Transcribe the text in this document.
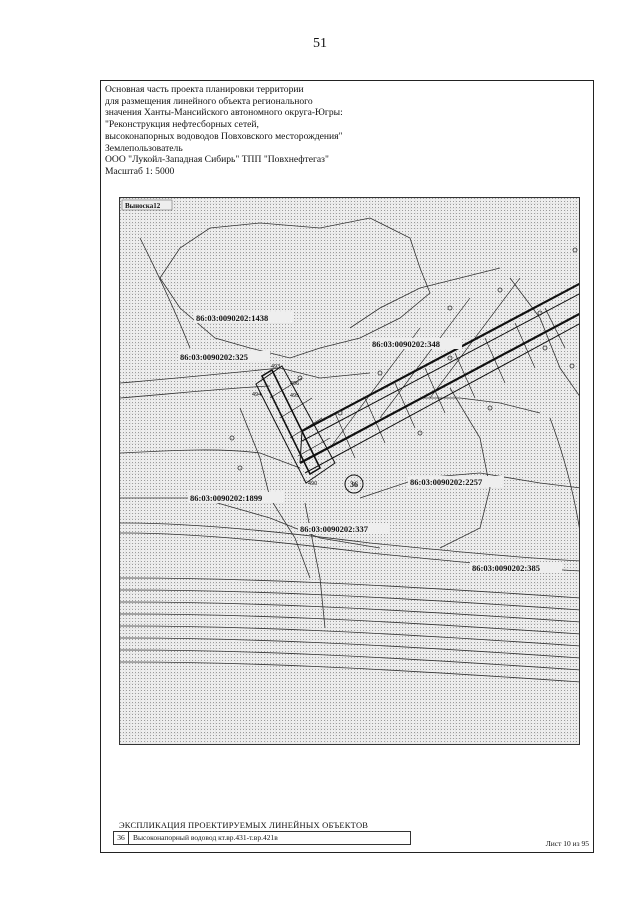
51
Основная часть проекта планировки территории
для размещения линейного объекта регионального
значения Ханты-Мансийского автономного округа-Югры:
"Реконструкция нефтесборных сетей,
высоконапорных водоводов Повховского месторождения"
Землепользователь
ООО "Лукойл-Западная Сибирь" ТПП "Повхнефтегаз"
Масштаб 1: 5000
36
493
496
495
494
490
Выноска12
86:03:0090202:1438
86:03:0090202:325
86:03:0090202:348
86:03:0090202:1899
86:03:0090202:2257
86:03:0090202:337
86:03:0090202:385
ЭКСПЛИКАЦИЯ ПРОЕКТИРУЕМЫХ ЛИНЕЙНЫХ ОБЪЕКТОВ
36	Высоконапорный водовод кт.вр.431-т.вр.421в
Лист 10 из 95
